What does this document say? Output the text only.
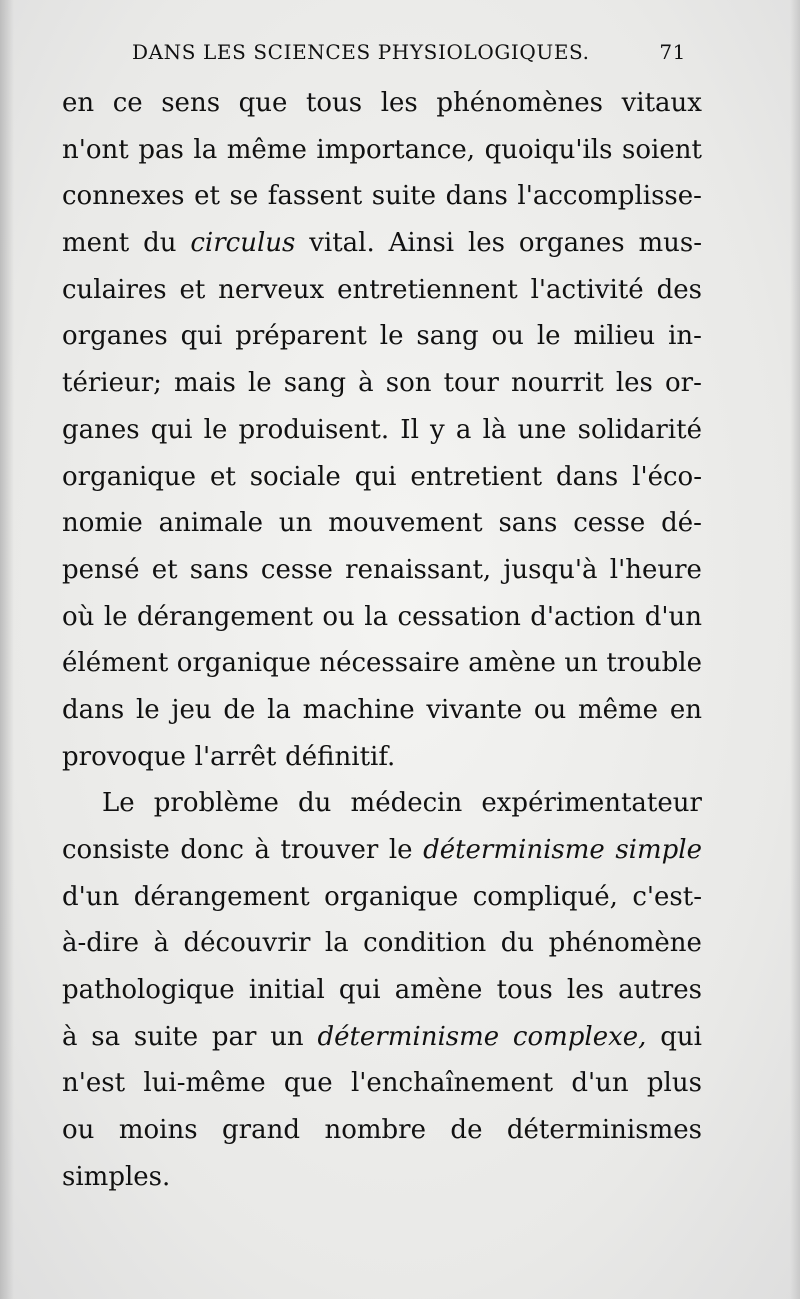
DANS LES SCIENCES PHYSIOLOGIQUES.	71
en ce sens que tous les phénomènes vitaux
n'ont pas la même importance, quoiqu'ils soient
connexes et se fassent suite dans l'accomplisse-
ment du circulus vital. Ainsi les organes mus-
culaires et nerveux entretiennent l'activité des
organes qui préparent le sang ou le milieu in-
térieur; mais le sang à son tour nourrit les or-
ganes qui le produisent. Il y a là une solidarité
organique et sociale qui entretient dans l'éco-
nomie animale un mouvement sans cesse dé-
pensé et sans cesse renaissant, jusqu'à l'heure
où le dérangement ou la cessation d'action d'un
élément organique nécessaire amène un trouble
dans le jeu de la machine vivante ou même en
provoque l'arrêt définitif.
Le problème du médecin expérimentateur
consiste donc à trouver le déterminisme simple
d'un dérangement organique compliqué, c'est-
à-dire à découvrir la condition du phénomène
pathologique initial qui amène tous les autres
à sa suite par un déterminisme complexe, qui
n'est lui-même que l'enchaînement d'un plus
ou moins grand nombre de déterminismes
simples.
